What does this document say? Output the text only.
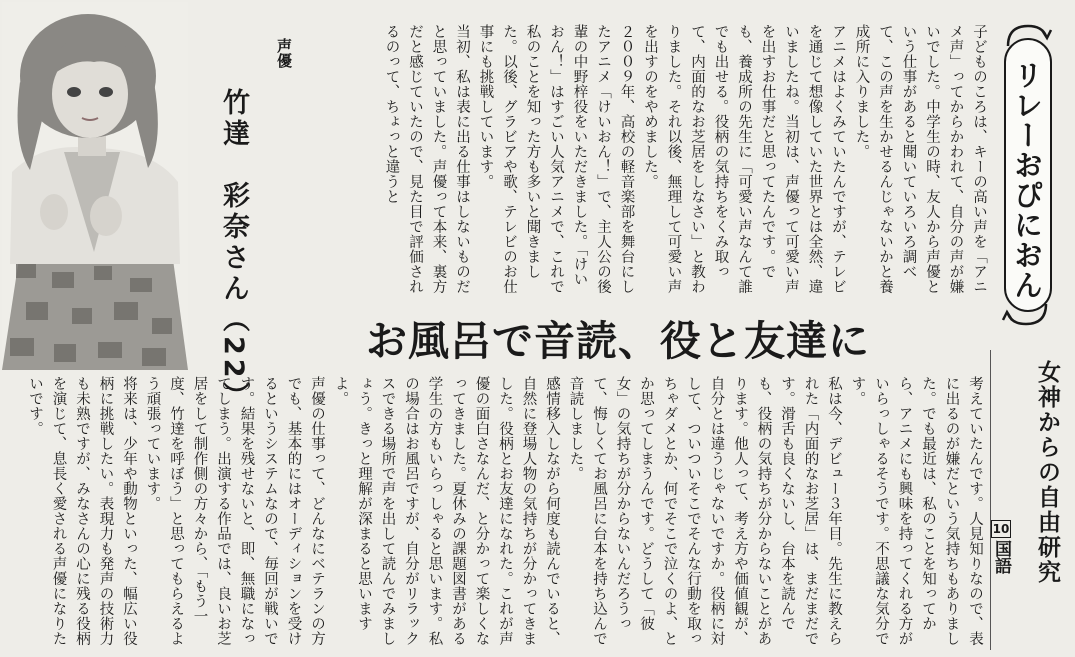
子どものころは、キーの高い声を「アニメ声」ってからかわれて、自分の声が嫌いでした。中学生の時、友人から声優という仕事があると聞いていろいろ調べて、この声を生かせるんじゃないかと養成所に入りました。
アニメはよくみていたんですが、テレビを通じて想像していた世界とは全然、違いましたね。当初は、声優って可愛い声を出すお仕事だと思ってたんです。でも、養成所の先生に「可愛い声なんて誰でも出せる。役柄の気持ちをくみ取って、内面的なお芝居をしなさい」と教わりました。それ以後、無理して可愛い声を出すのをやめました。
２００９年、高校の軽音楽部を舞台にしたアニメ「けいおん！」で、主人公の後輩の中野梓役をいただきました。「けいおん！」はすごい人気アニメで、これで私のことを知った方も多いと聞きました。以後、グラビアや歌、テレビのお仕事にも挑戦しています。
当初、私は表に出る仕事はしないものだと思っていました。声優って本来、裏方だと感じていたので、見た目で評価されるのって、ちょっと違うと
声優
竹達　彩奈さん（22）	お風呂で音読、役と友達に
考えていたんです。人見知りなので、表に出るのが嫌だという気持ちもありました。でも最近は、私のことを知ってから、アニメにも興味を持ってくれる方がいらっしゃるそうです。不思議な気分です。
私は今、デビュー３年目。先生に教えられた「内面的なお芝居」は、まだまだです。滑舌も良くないし、台本を読んでも、役柄の気持ちが分からないことがあります。他人って、考え方や価値観が、自分とは違うじゃないですか。役柄に対して、ついついそこでそんな行動を取っちゃダメとか、何でそこで泣くのよ、とか思ってしまうんです。どうして「彼女」の気持ちが分からないんだろうって、悔しくてお風呂に台本を持ち込んで音読しました。
感情移入しながら何度も読んでいると、自然に登場人物の気持ちが分かってきました。役柄とお友達になれた。これが声優の面白さなんだ、と分かって楽しくなってきました。夏休みの課題図書がある学生の方もいらっしゃると思います。私の場合はお風呂ですが、自分がリラックスできる場所で声を出して読んでみましょう。きっと理解が深まると思いますよ。
声優の仕事って、どんなにベテランの方でも、基本的にはオーディションを受けるというシステムなので、毎回が戦いです。結果を残せないと、即、無職になってしまう。出演する作品では、良いお芝居をして制作側の方々から、「もう一度、竹達を呼ぼう」と思ってもらえるよう頑張っています。
将来は、少年や動物といった、幅広い役柄に挑戦したい。表現力も発声の技術力も未熟ですが、みなさんの心に残る役柄を演じて、息長く愛される声優になりたいです。
リレーおぴにおん
女神からの自由研究
10国語
